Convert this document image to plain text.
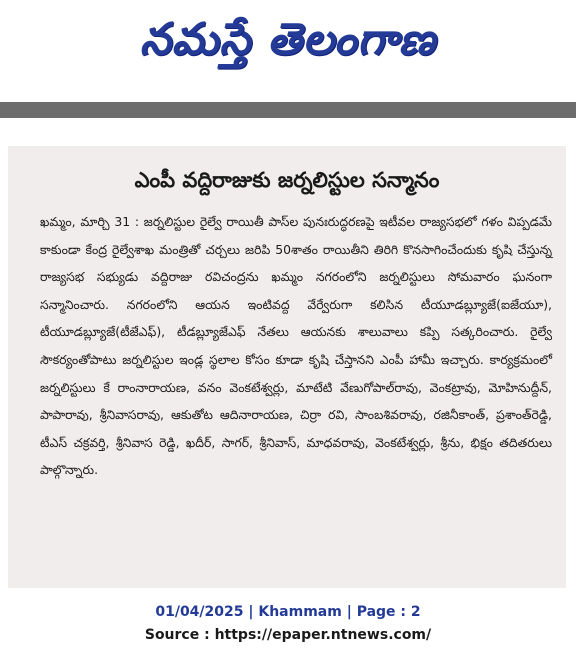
నమస్తే తెలంగాణ
ఎంపీ వద్దిరాజుకు జర్నలిస్టుల సన్మానం
ఖమ్మం, మార్చి 31 : జర్నలిస్టుల రైల్వే రాయితీ పాస్‌ల పునఃరుద్ధరణపై ఇటీవల రాజ్యసభలో గళం విప్పడమే కాకుండా కేంద్ర రైల్వేశాఖ మంత్రితో చర్చలు జరిపి 50శాతం రాయితీని తిరిగి కొనసాగించేందుకు కృషి చేస్తున్న రాజ్యసభ సభ్యుడు వద్దిరాజు రవిచంద్రను ఖమ్మం నగరంలోని జర్నలిస్టులు సోమవారం ఘనంగా సన్మానించారు. నగరంలోని ఆయన ఇంటివద్ద వేర్వేరుగా కలిసిన టీయూడబ్ల్యూజే(ఐజేయూ), టీయూడబ్ల్యూజే(టీజేఎఫ్), టీడబ్ల్యూజేఎఫ్ నేతలు ఆయనకు శాలువాలు కప్పి సత్కరించారు. రైల్వే సౌకర్యంతోపాటు జర్నలిస్టుల ఇండ్ల స్థలాల కోసం కూడా కృషి చేస్తానని ఎంపీ హామీ ఇచ్చారు. కార్యక్రమంలో జర్నలిస్టులు కే రాంనారాయణ, వనం వెంకటేశ్వర్లు, మాటేటి వేణుగోపాల్‌రావు, వెంకట్రావు, మోహినుద్దీన్, పాపారావు, శ్రీనివాసరావు, ఆకుతోట ఆదినారాయణ, చిర్రా రవి, సాంబశివరావు, రజినీకాంత్, ప్రశాంత్‌రెడ్డి, టీఎస్ చక్రవర్తి, శ్రీనివాస రెడ్డి, ఖదీర్, సాగర్, శ్రీనివాస్, మాధవరావు, వెంకటేశ్వర్లు, శ్రీను, భిక్షం తదితరులు పాల్గొన్నారు.
01/04/2025 | Khammam | Page : 2
Source : https://epaper.ntnews.com/
